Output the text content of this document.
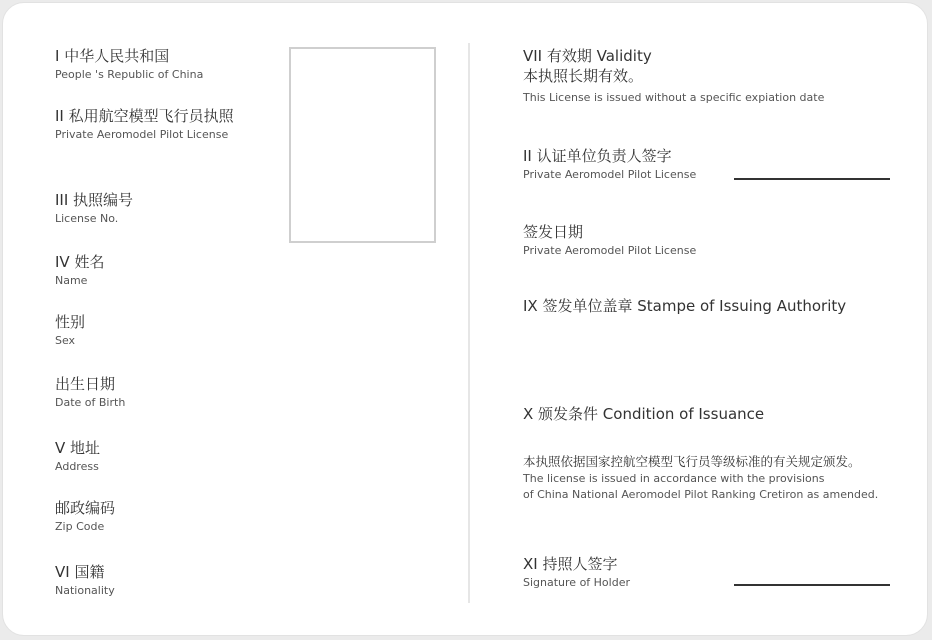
I 中华人民共和国
People 's Republic of China
II 私用航空模型飞行员执照
Private Aeromodel Pilot License
III 执照编号
License No.
IV 姓名
Name
性别
Sex
出生日期
Date of Birth
V 地址
Address
邮政编码
Zip Code
VI 国籍
Nationality
VII 有效期 Validity
本执照长期有效。
This License is issued without a specific expiation date
II 认证单位负责人签字
Private Aeromodel Pilot License
签发日期
Private Aeromodel Pilot License
IX 签发单位盖章 Stampe of Issuing Authority
X 颁发条件 Condition of Issuance
本执照依据国家控航空模型飞行员等级标准的有关规定颁发。
The license is issued in accordance with the provisions
of China National Aeromodel Pilot Ranking Cretiron as amended.
XI 持照人签字
Signature of Holder
